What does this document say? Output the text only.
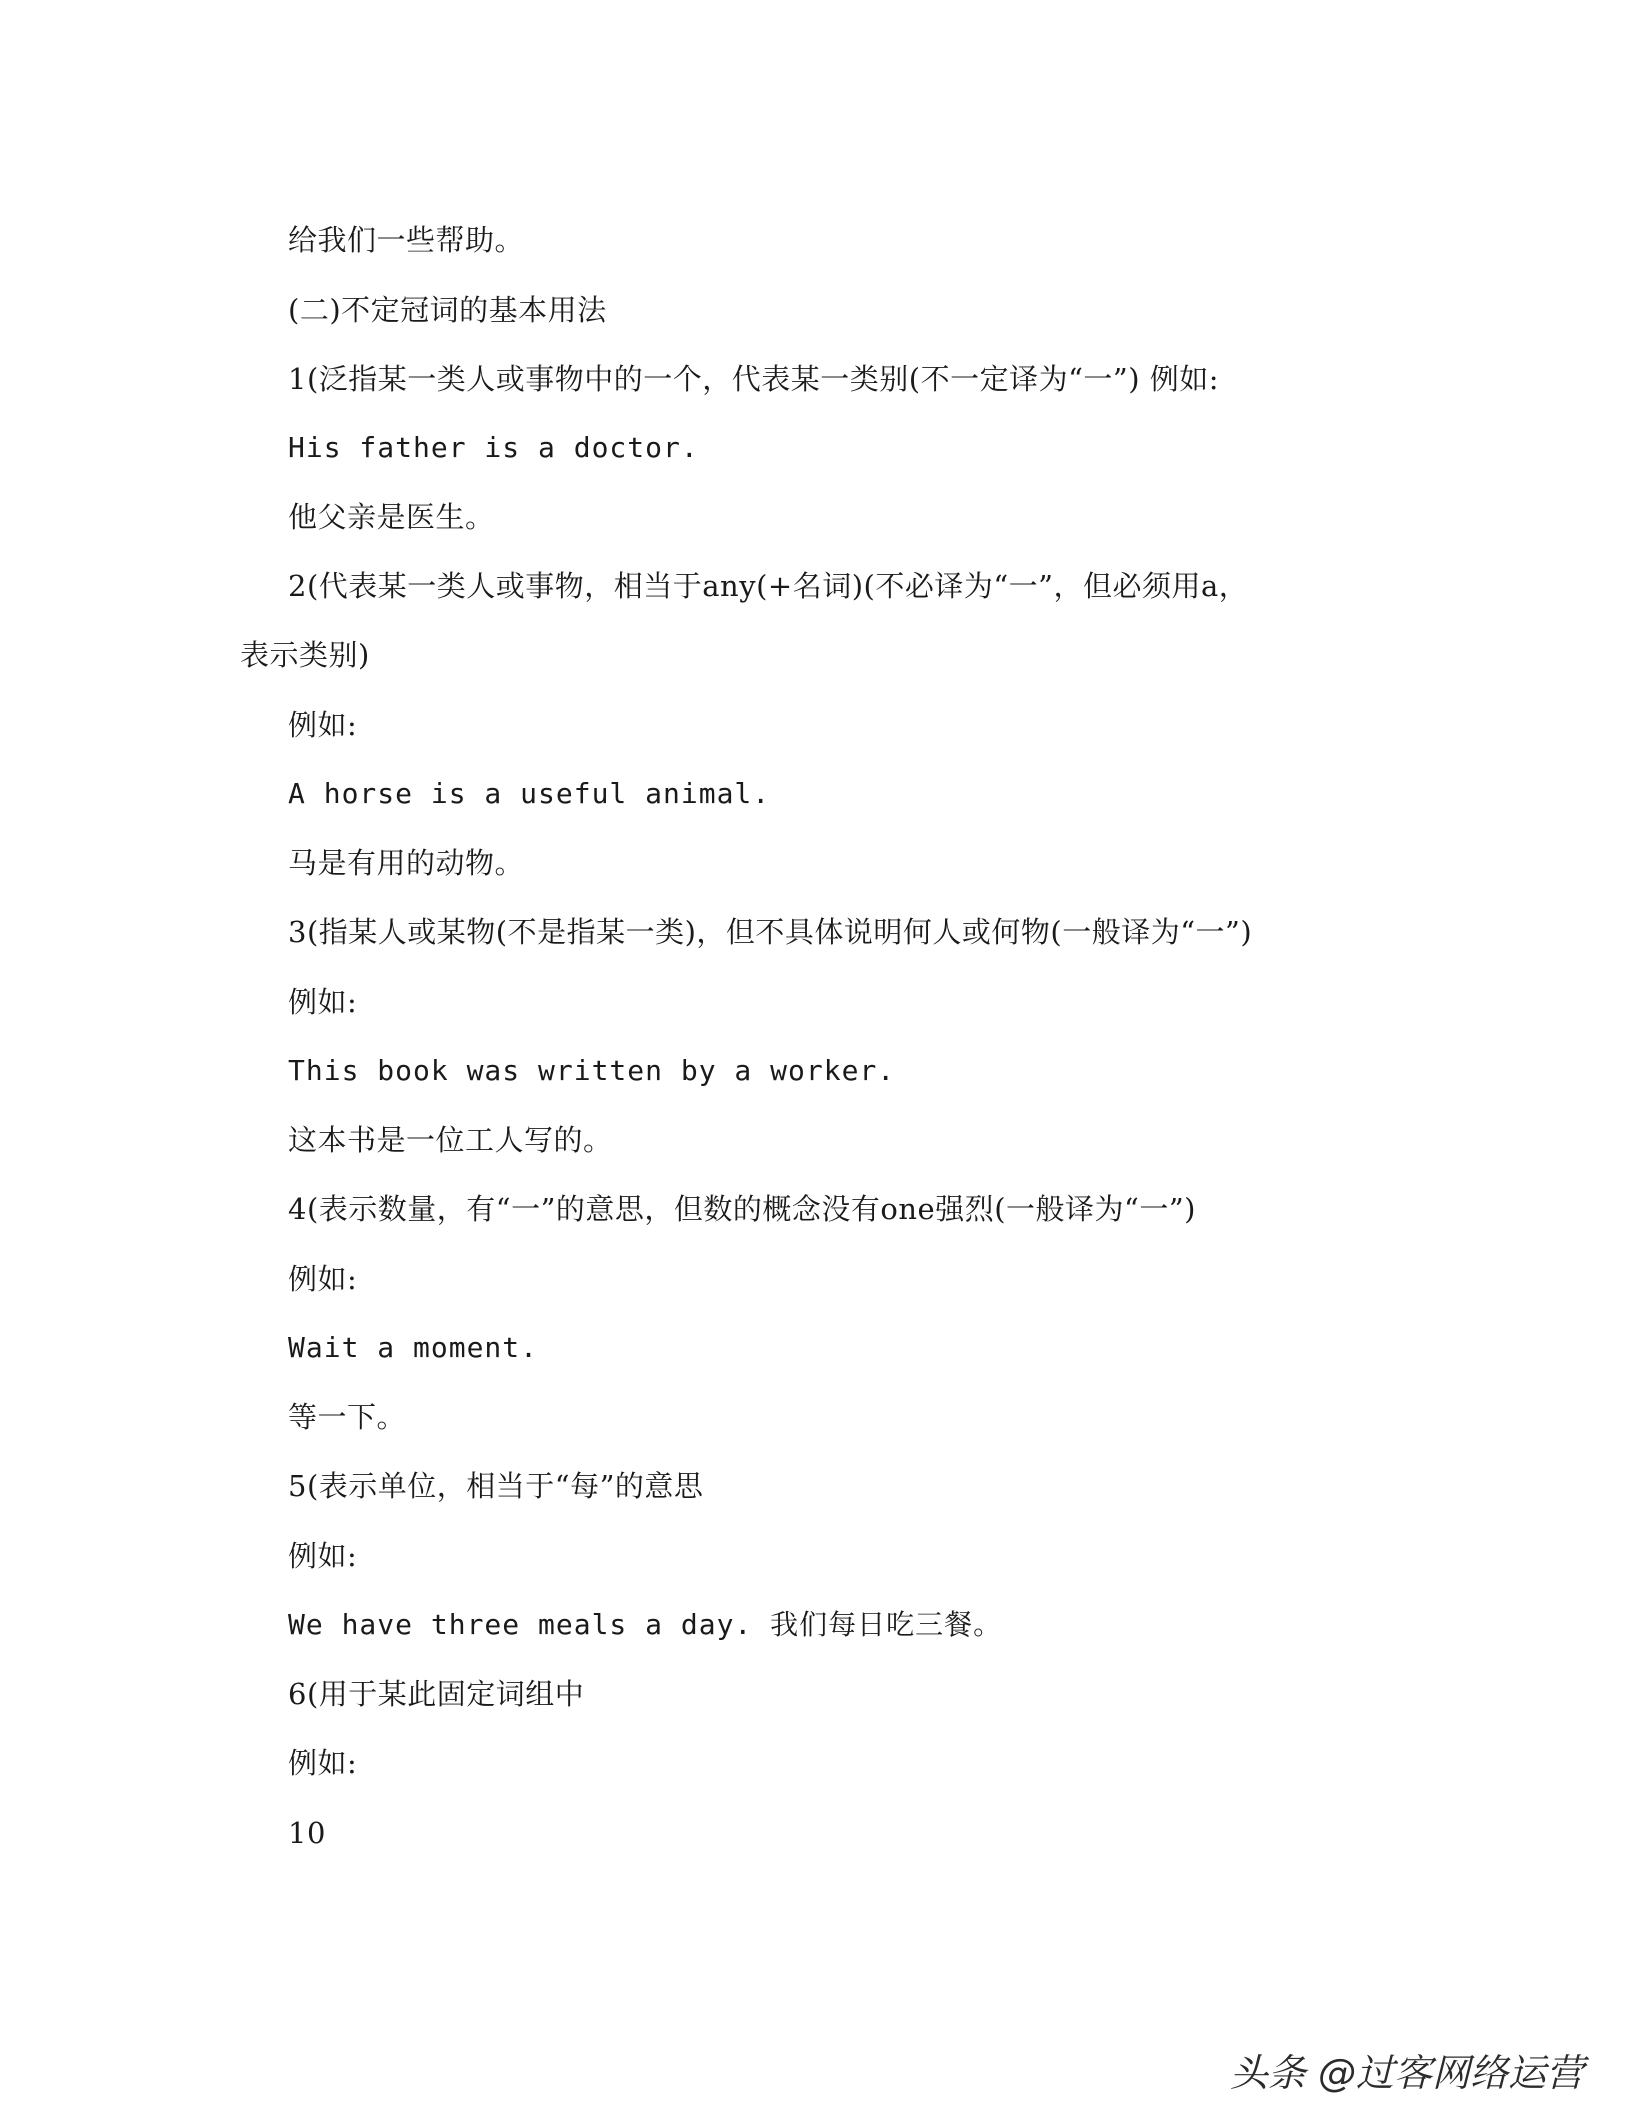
给我们一些帮助。
(二)不定冠词的基本用法
1(泛指某一类人或事物中的一个，代表某一类别(不一定译为“一”) 例如:
His father is a doctor.
他父亲是医生。
2(代表某一类人或事物，相当于any(+名词)(不必译为“一”，但必须用a，
表示类别)
例如:
A horse is a useful animal.
马是有用的动物。
3(指某人或某物(不是指某一类)，但不具体说明何人或何物(一般译为“一”)
例如:
This book was written by a worker.
这本书是一位工人写的。
4(表示数量，有“一”的意思，但数的概念没有one强烈(一般译为“一”)
例如:
Wait a moment.
等一下。
5(表示单位，相当于“每”的意思
例如:
We have three meals a day. 我们每日吃三餐。
6(用于某此固定词组中
例如:
10
头条 @过客网络运营
